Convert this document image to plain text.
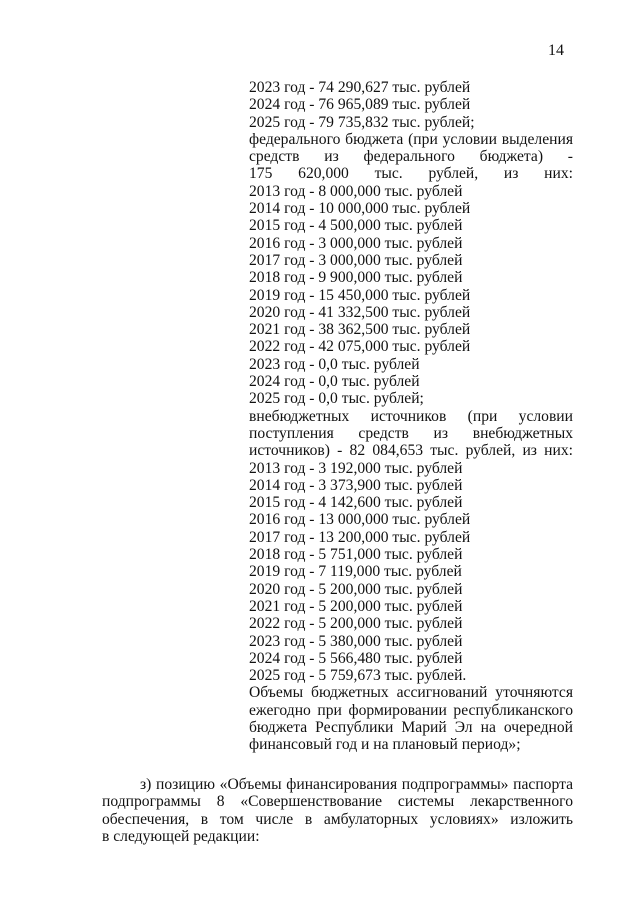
14
2023 год - 74 290,627 тыс. рублей
2024 год - 76 965,089 тыс. рублей
2025 год - 79 735,832 тыс. рублей;
федерального бюджета (при условии выделения
средств из федерального бюджета) -
175 620,000 тыс. рублей, из них:
2013 год - 8 000,000 тыс. рублей
2014 год - 10 000,000 тыс. рублей
2015 год - 4 500,000 тыс. рублей
2016 год - 3 000,000 тыс. рублей
2017 год - 3 000,000 тыс. рублей
2018 год - 9 900,000 тыс. рублей
2019 год - 15 450,000 тыс. рублей
2020 год - 41 332,500 тыс. рублей
2021 год - 38 362,500 тыс. рублей
2022 год - 42 075,000 тыс. рублей
2023 год - 0,0 тыс. рублей
2024 год - 0,0 тыс. рублей
2025 год - 0,0 тыс. рублей;
внебюджетных источников (при условии
поступления средств из внебюджетных
источников) - 82 084,653 тыс. рублей, из них:
2013 год - 3 192,000 тыс. рублей
2014 год - 3 373,900 тыс. рублей
2015 год - 4 142,600 тыс. рублей
2016 год - 13 000,000 тыс. рублей
2017 год - 13 200,000 тыс. рублей
2018 год - 5 751,000 тыс. рублей
2019 год - 7 119,000 тыс. рублей
2020 год - 5 200,000 тыс. рублей
2021 год - 5 200,000 тыс. рублей
2022 год - 5 200,000 тыс. рублей
2023 год - 5 380,000 тыс. рублей
2024 год - 5 566,480 тыс. рублей
2025 год - 5 759,673 тыс. рублей.
Объемы бюджетных ассигнований уточняются
ежегодно при формировании республиканского
бюджета Республики Марий Эл на очередной
финансовый год и на плановый период»;
з) позицию «Объемы финансирования подпрограммы» паспорта
подпрограммы 8 «Совершенствование системы лекарственного
обеспечения, в том числе в амбулаторных условиях» изложить
в следующей редакции:
